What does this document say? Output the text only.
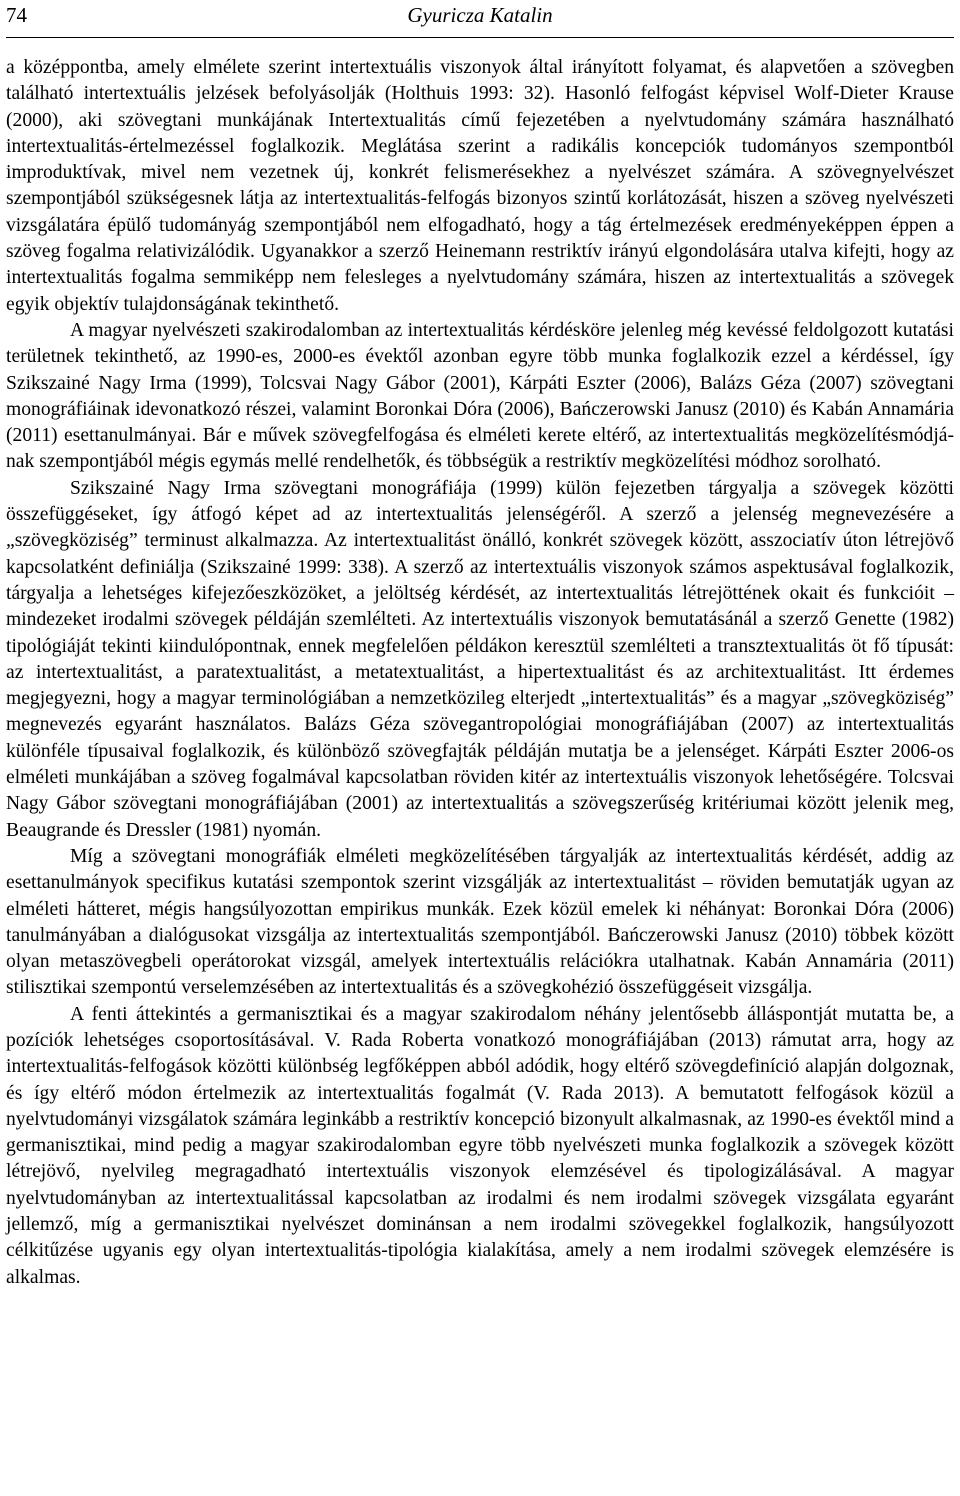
74	Gyuricza Katalin

a középpontba, amely elmélete szerint intertextuális viszonyok által irányított folyamat, és alapvetően a szövegben található intertextuális jelzések befolyásolják (Holthuis 1993: 32). Hasonló felfogást képvisel Wolf-Dieter Krause (2000), aki szövegtani munkájának Intertextualitás című fejezetében a nyelvtudomány számára használható intertextualitás-értelmezéssel foglalkozik. Meglátása szerint a radikális koncepciók tudományos szempontból improduktívak, mivel nem vezetnek új, konkrét felismerésekhez a nyelvészet számára. A szövegnyelvészet szempontjából szükségesnek látja az intertextualitás-felfogás bizonyos szintű korlátozását, hiszen a szöveg nyelvészeti vizsgálatára épülő tudományág szempontjából nem elfogadható, hogy a tág értelmezések eredményeképpen éppen a szöveg fogalma relativizálódik. Ugyanakkor a szerző Heinemann restriktív irányú elgondolására utalva kifejti, hogy az intertextualitás fogalma semmiképp nem felesleges a nyelvtudomány számára, hiszen az intertextualitás a szövegek egyik objektív tulajdonságának tekinthető.

A magyar nyelvészeti szakirodalomban az intertextualitás kérdésköre jelenleg még kevéssé feldolgozott kutatási területnek tekinthető, az 1990-es, 2000-es évektől azonban egyre több munka foglalkozik ezzel a kérdéssel, így Szikszainé Nagy Irma (1999), Tolcsvai Nagy Gábor (2001), Kárpáti Eszter (2006), Balázs Géza (2007) szövegtani monográfiáinak idevonatkozó részei, valamint Boronkai Dóra (2006), Bańczerowski Janusz (2010) és Kabán Annamária (2011) esettanulmányai. Bár e művek szövegfelfogása és elméleti kerete eltérő, az intertextualitás megközelítésmódjának szempontjából mégis egymás mellé rendelhetők, és többségük a restriktív megközelítési módhoz sorolható.

Szikszainé Nagy Irma szövegtani monográfiája (1999) külön fejezetben tárgyalja a szövegek közötti összefüggéseket, így átfogó képet ad az intertextualitás jelenségéről. A szerző a jelenség megnevezésére a „szövegköziség” terminust alkalmazza. Az intertextualitást önálló, konkrét szövegek között, asszociatív úton létrejövő kapcsolatként definiálja (Szikszainé 1999: 338). A szerző az intertextuális viszonyok számos aspektusával foglalkozik, tárgyalja a lehetséges kifejezőeszközöket, a jelöltség kérdését, az intertextualitás létrejöttének okait és funkcióit – mindezeket irodalmi szövegek példáján szemlélteti. Az intertextuális viszonyok bemutatásánál a szerző Genette (1982) tipológiáját tekinti kiindulópontnak, ennek megfelelően példákon keresztül szemlélteti a transztextualitás öt fő típusát: az intertextualitást, a paratextualitást, a metatextualitást, a hipertextualitást és az architextualitást. Itt érdemes megjegyezni, hogy a magyar terminológiában a nemzetközileg elterjedt „intertextualitás” és a magyar „szövegköziség” megnevezés egyaránt használatos. Balázs Géza szövegantropológiai monográfiájában (2007) az intertextualitás különféle típusaival foglalkozik, és különböző szövegfajták példáján mutatja be a jelenséget. Kárpáti Eszter 2006-os elméleti munkájában a szöveg fogalmával kapcsolatban röviden kitér az intertextuális viszonyok lehetőségére. Tolcsvai Nagy Gábor szövegtani monográfiájában (2001) az intertextualitás a szövegszerűség kritériumai között jelenik meg, Beaugrande és Dressler (1981) nyomán.

Míg a szövegtani monográfiák elméleti megközelítésében tárgyalják az intertextualitás kérdését, addig az esettanulmányok specifikus kutatási szempontok szerint vizsgálják az intertextualitást – röviden bemutatják ugyan az elméleti hátteret, mégis hangsúlyozottan empirikus munkák. Ezek közül emelek ki néhányat: Boronkai Dóra (2006) tanulmányában a dialógusokat vizsgálja az intertextualitás szempontjából. Bańczerowski Janusz (2010) többek között olyan metaszövegbeli operátorokat vizsgál, amelyek intertextuális relációkra utalhatnak. Kabán Annamária (2011) stilisztikai szempontú verselemzésében az intertextualitás és a szövegkohézió összefüggéseit vizsgálja.

A fenti áttekintés a germanisztikai és a magyar szakirodalom néhány jelentősebb álláspontját mutatta be, a pozíciók lehetséges csoportosításával. V. Rada Roberta vonatkozó monográfiájában (2013) rámutat arra, hogy az intertextualitás-felfogások közötti különbség legfőképpen abból adódik, hogy eltérő szövegdefiníció alapján dolgoznak, és így eltérő módon értelmezik az intertextualitás fogalmát (V. Rada 2013). A bemutatott felfogások közül a nyelvtudományi vizsgálatok számára leginkább a restriktív koncepció bizonyult alkalmasnak, az 1990-es évektől mind a germanisztikai, mind pedig a magyar szakirodalomban egyre több nyelvészeti munka foglalkozik a szövegek között létrejövő, nyelvileg megragadható intertextuális viszonyok elemzésével és tipologizálásával. A magyar nyelvtudományban az intertextualitással kapcsolatban az irodalmi és nem irodalmi szövegek vizsgálata egyaránt jellemző, míg a germanisztikai nyelvészet dominánsan a nem irodalmi szövegekkel foglalkozik, hangsúlyozott célkitűzése ugyanis egy olyan intertextualitás-tipológia kialakítása, amely a nem irodalmi szövegek elemzésére is alkalmas.
